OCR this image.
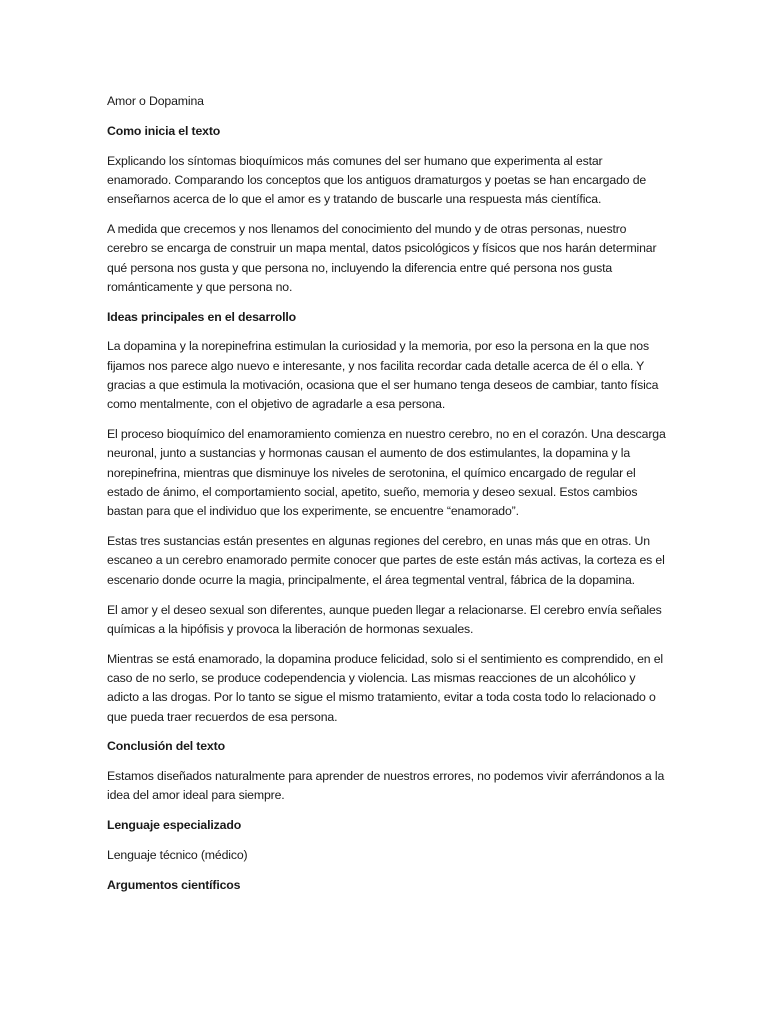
Amor o Dopamina

Como inicia el texto

Explicando los síntomas bioquímicos más comunes del ser humano que experimenta al estar enamorado. Comparando los conceptos que los antiguos dramaturgos y poetas se han encargado de enseñarnos acerca de lo que el amor es y tratando de buscarle una respuesta más científica.

A medida que crecemos y nos llenamos del conocimiento del mundo y de otras personas, nuestro cerebro se encarga de construir un mapa mental, datos psicológicos y físicos que nos harán determinar qué persona nos gusta y que persona no, incluyendo la diferencia entre qué persona nos gusta románticamente y que persona no.

Ideas principales en el desarrollo

La dopamina y la norepinefrina estimulan la curiosidad y la memoria, por eso la persona en la que nos fijamos nos parece algo nuevo e interesante, y nos facilita recordar cada detalle acerca de él o ella. Y gracias a que estimula la motivación, ocasiona que el ser humano tenga deseos de cambiar, tanto física como mentalmente, con el objetivo de agradarle a esa persona.

El proceso bioquímico del enamoramiento comienza en nuestro cerebro, no en el corazón. Una descarga neuronal, junto a sustancias y hormonas causan el aumento de dos estimulantes, la dopamina y la norepinefrina, mientras que disminuye los niveles de serotonina, el químico encargado de regular el estado de ánimo, el comportamiento social, apetito, sueño, memoria y deseo sexual. Estos cambios bastan para que el individuo que los experimente, se encuentre “enamorado”.

Estas tres sustancias están presentes en algunas regiones del cerebro, en unas más que en otras. Un escaneo a un cerebro enamorado permite conocer que partes de este están más activas, la corteza es el escenario donde ocurre la magia, principalmente, el área tegmental ventral, fábrica de la dopamina.

El amor y el deseo sexual son diferentes, aunque pueden llegar a relacionarse. El cerebro envía señales químicas a la hipófisis y provoca la liberación de hormonas sexuales.

Mientras se está enamorado, la dopamina produce felicidad, solo si el sentimiento es comprendido, en el caso de no serlo, se produce codependencia y violencia. Las mismas reacciones de un alcohólico y adicto a las drogas. Por lo tanto se sigue el mismo tratamiento, evitar a toda costa todo lo relacionado o que pueda traer recuerdos de esa persona.

Conclusión del texto

Estamos diseñados naturalmente para aprender de nuestros errores, no podemos vivir aferrándonos a la idea del amor ideal para siempre.

Lenguaje especializado

Lenguaje técnico (médico)

Argumentos científicos
